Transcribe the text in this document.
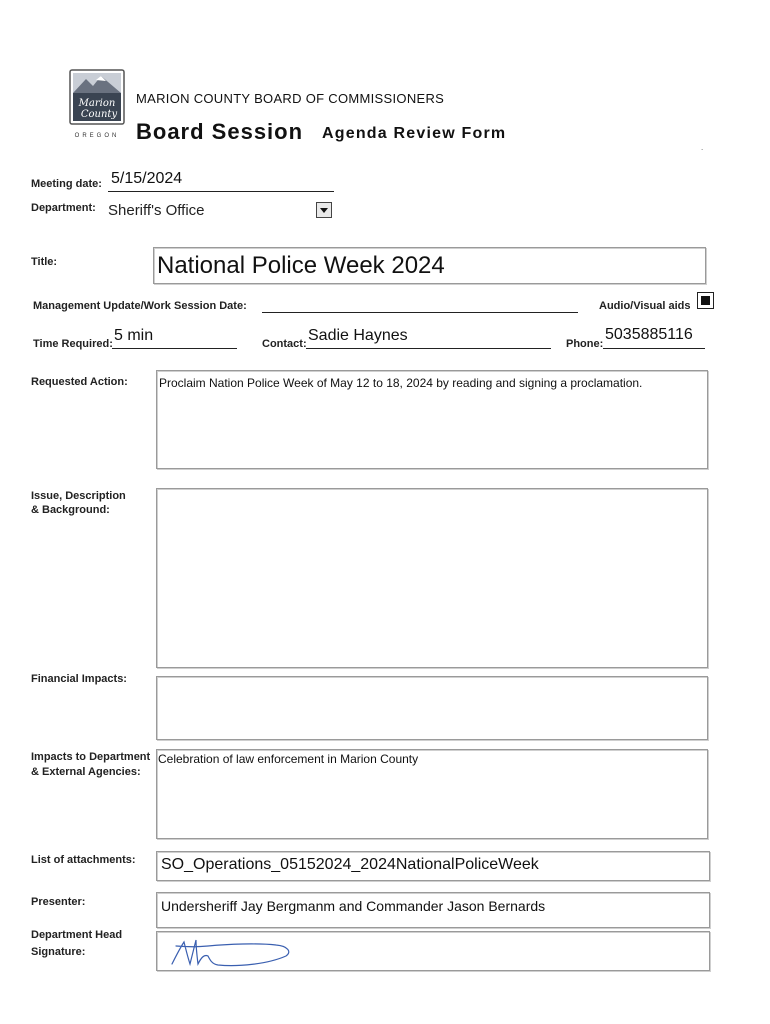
Marion
County
OREGON
MARION COUNTY BOARD OF COMMISSIONERS
Board Session Agenda Review Form
.
Meeting date: 5/15/2024
Department: Sheriff's Office
Title:	National Police Week 2024
Management Update/Work Session Date:	Audio/Visual aids
Time Required: 5 min	Contact: Sadie Haynes	Phone:
5035885116
Requested Action:	Proclaim Nation Police Week of May 12 to 18, 2024 by reading and signing a proclamation.
Issue, Description
& Background:
Financial Impacts:
Impacts to Department
& External Agencies:
Celebration of law enforcement in Marion County
List of attachments: SO_Operations_05152024_2024NationalPoliceWeek
Presenter:	Undersheriff Jay Bergmanm and Commander Jason Bernards
Department Head
Signature:
